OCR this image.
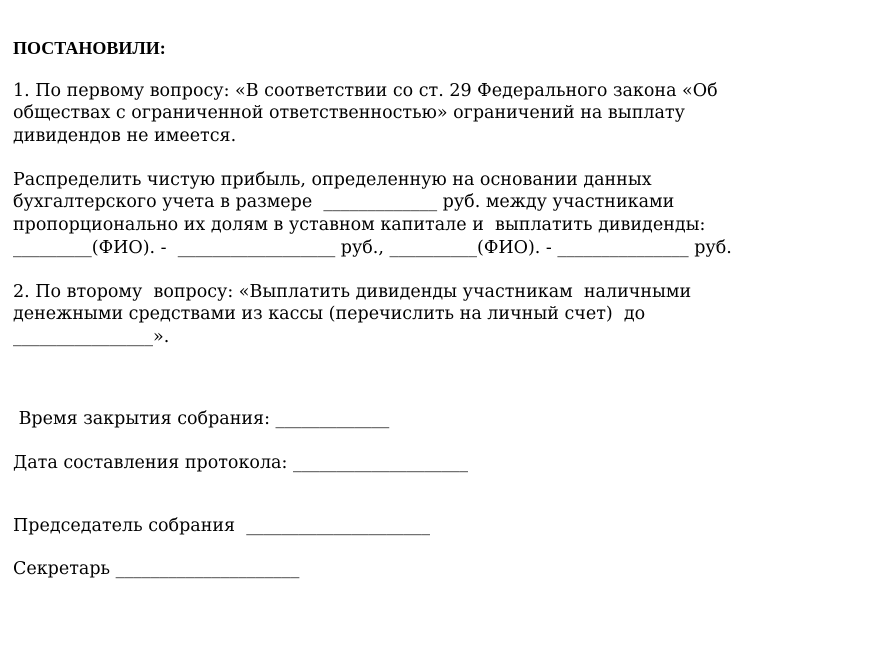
ПОСТАНОВИЛИ:
1. По первому вопросу: «В соответствии со ст. 29 Федерального закона «Об
обществах с ограниченной ответственностью» ограничений на выплату
дивидендов не имеется.
Распределить чистую прибыль, определенную на основании данных
бухгалтерского учета в размере  _____________ руб. между участниками
пропорционально их долям в уставном капитале и  выплатить дивиденды:
_________(ФИО). -  __________________ руб., __________(ФИО). - _______________ руб.
2. По второму  вопросу: «Выплатить дивиденды участникам  наличными
денежными средствами из кассы (перечислить на личный счет)  до
________________».
Время закрытия собрания: _____________
Дата составления протокола: ____________________
Председатель собрания  _____________________
Секретарь _____________________
